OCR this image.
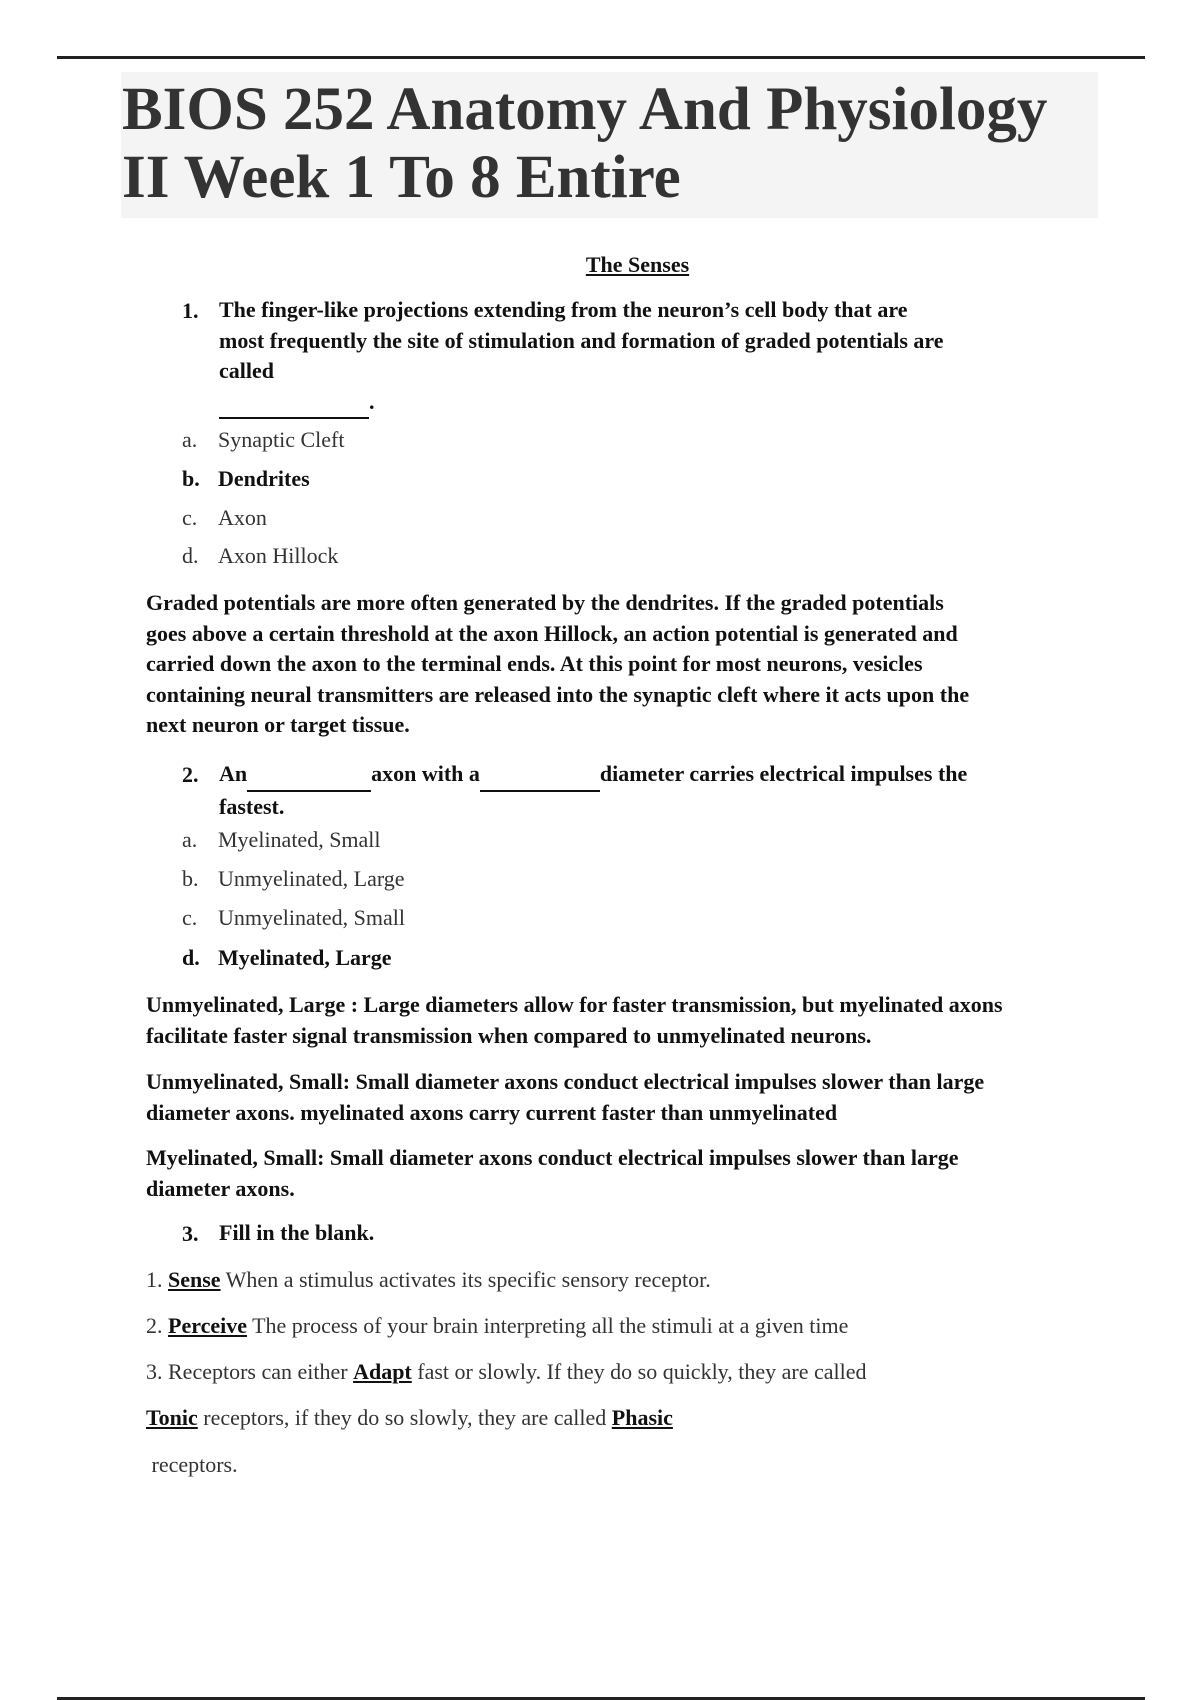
BIOS 252 Anatomy And Physiology II Week 1 To 8 Entire
The Senses
1. The finger-like projections extending from the neuron’s cell body that are
most frequently the site of stimulation and formation of graded potentials are
called
.
a. Synaptic Cleft
b. Dendrites
c. Axon
d. Axon Hillock
Graded potentials are more often generated by the dendrites. If the graded potentials
goes above a certain threshold at the axon Hillock, an action potential is generated and
carried down the axon to the terminal ends. At this point for most neurons, vesicles
containing neural transmitters are released into the synaptic cleft where it acts upon the
next neuron or target tissue.
2. An	axon with a	diameter carries electrical impulses the
fastest.
a. Myelinated, Small
b. Unmyelinated, Large
c. Unmyelinated, Small
d. Myelinated, Large
Unmyelinated, Large : Large diameters allow for faster transmission, but myelinated axons
facilitate faster signal transmission when compared to unmyelinated neurons.
Unmyelinated, Small: Small diameter axons conduct electrical impulses slower than large
diameter axons. myelinated axons carry current faster than unmyelinated
Myelinated, Small: Small diameter axons conduct electrical impulses slower than large
diameter axons.
3. Fill in the blank.
1. Sense When a stimulus activates its specific sensory receptor.
2. Perceive The process of your brain interpreting all the stimuli at a given time
3. Receptors can either Adapt fast or slowly. If they do so quickly, they are called
Tonic receptors, if they do so slowly, they are called Phasic
receptors.
